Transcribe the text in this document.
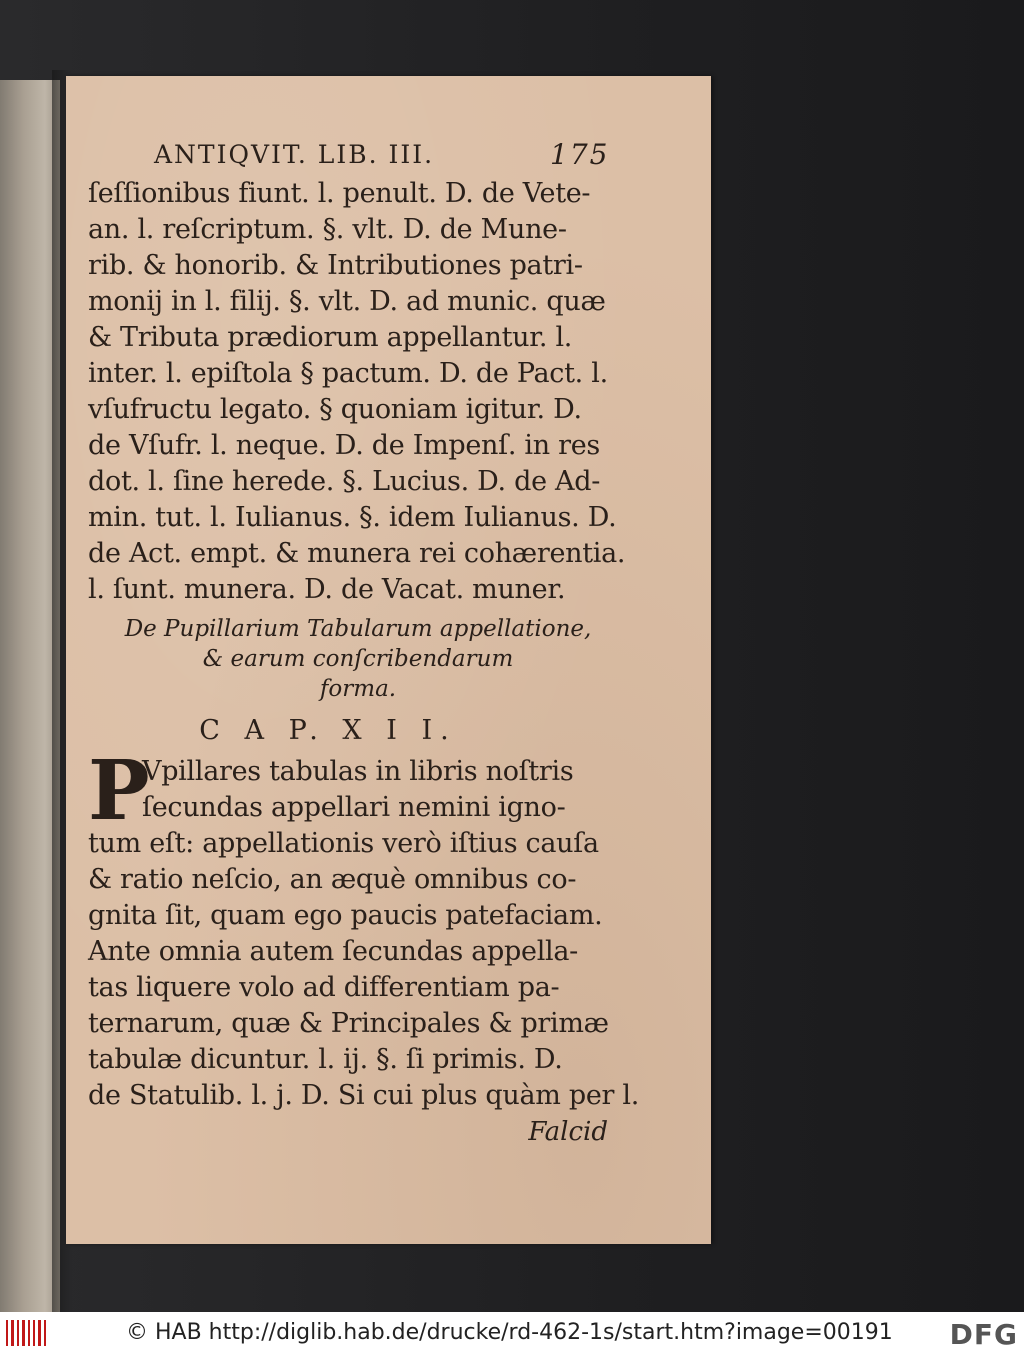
ANTIQVIT. LIB. III.	175
ſeſſionibus fiunt. l. penult. D. de Vete-
an. l. reſcriptum. §. vlt. D. de Mune-
rib. & honorib. & Intributiones patri-
monij in l. filij. §. vlt. D. ad munic. quæ
& Tributa prædiorum appellantur. l.
inter. l. epiſtola § pactum. D. de Pact. l.
vſufructu legato. § quoniam igitur. D.
de Vſufr. l. neque. D. de Impenſ. in res
dot. l. ſine herede. §. Lucius. D. de Ad-
min. tut. l. Iulianus. §. idem Iulianus. D.
de Act. empt. & munera rei cohærentia.
l. ſunt. munera. D. de Vacat. muner.
De Pupillarium Tabularum appellatione,
& earum conſcribendarum
forma.
C A P. X I I.
P
Vpillares tabulas in libris noſtris
ſecundas appellari nemini igno-
tum eſt: appellationis verò iſtius cauſa
& ratio neſcio, an æquè omnibus co-
gnita ſit, quam ego paucis patefaciam.
Ante omnia autem ſecundas appella-
tas liquere volo ad differentiam pa-
ternarum, quæ & Principales & primæ
tabulæ dicuntur. l. ij. §. ſi primis. D.
de Statulib. l. j. D. Si cui plus quàm per l.
Falcid
© HAB http://diglib.hab.de/drucke/rd-462-1s/start.htm?image=00191 DFG
